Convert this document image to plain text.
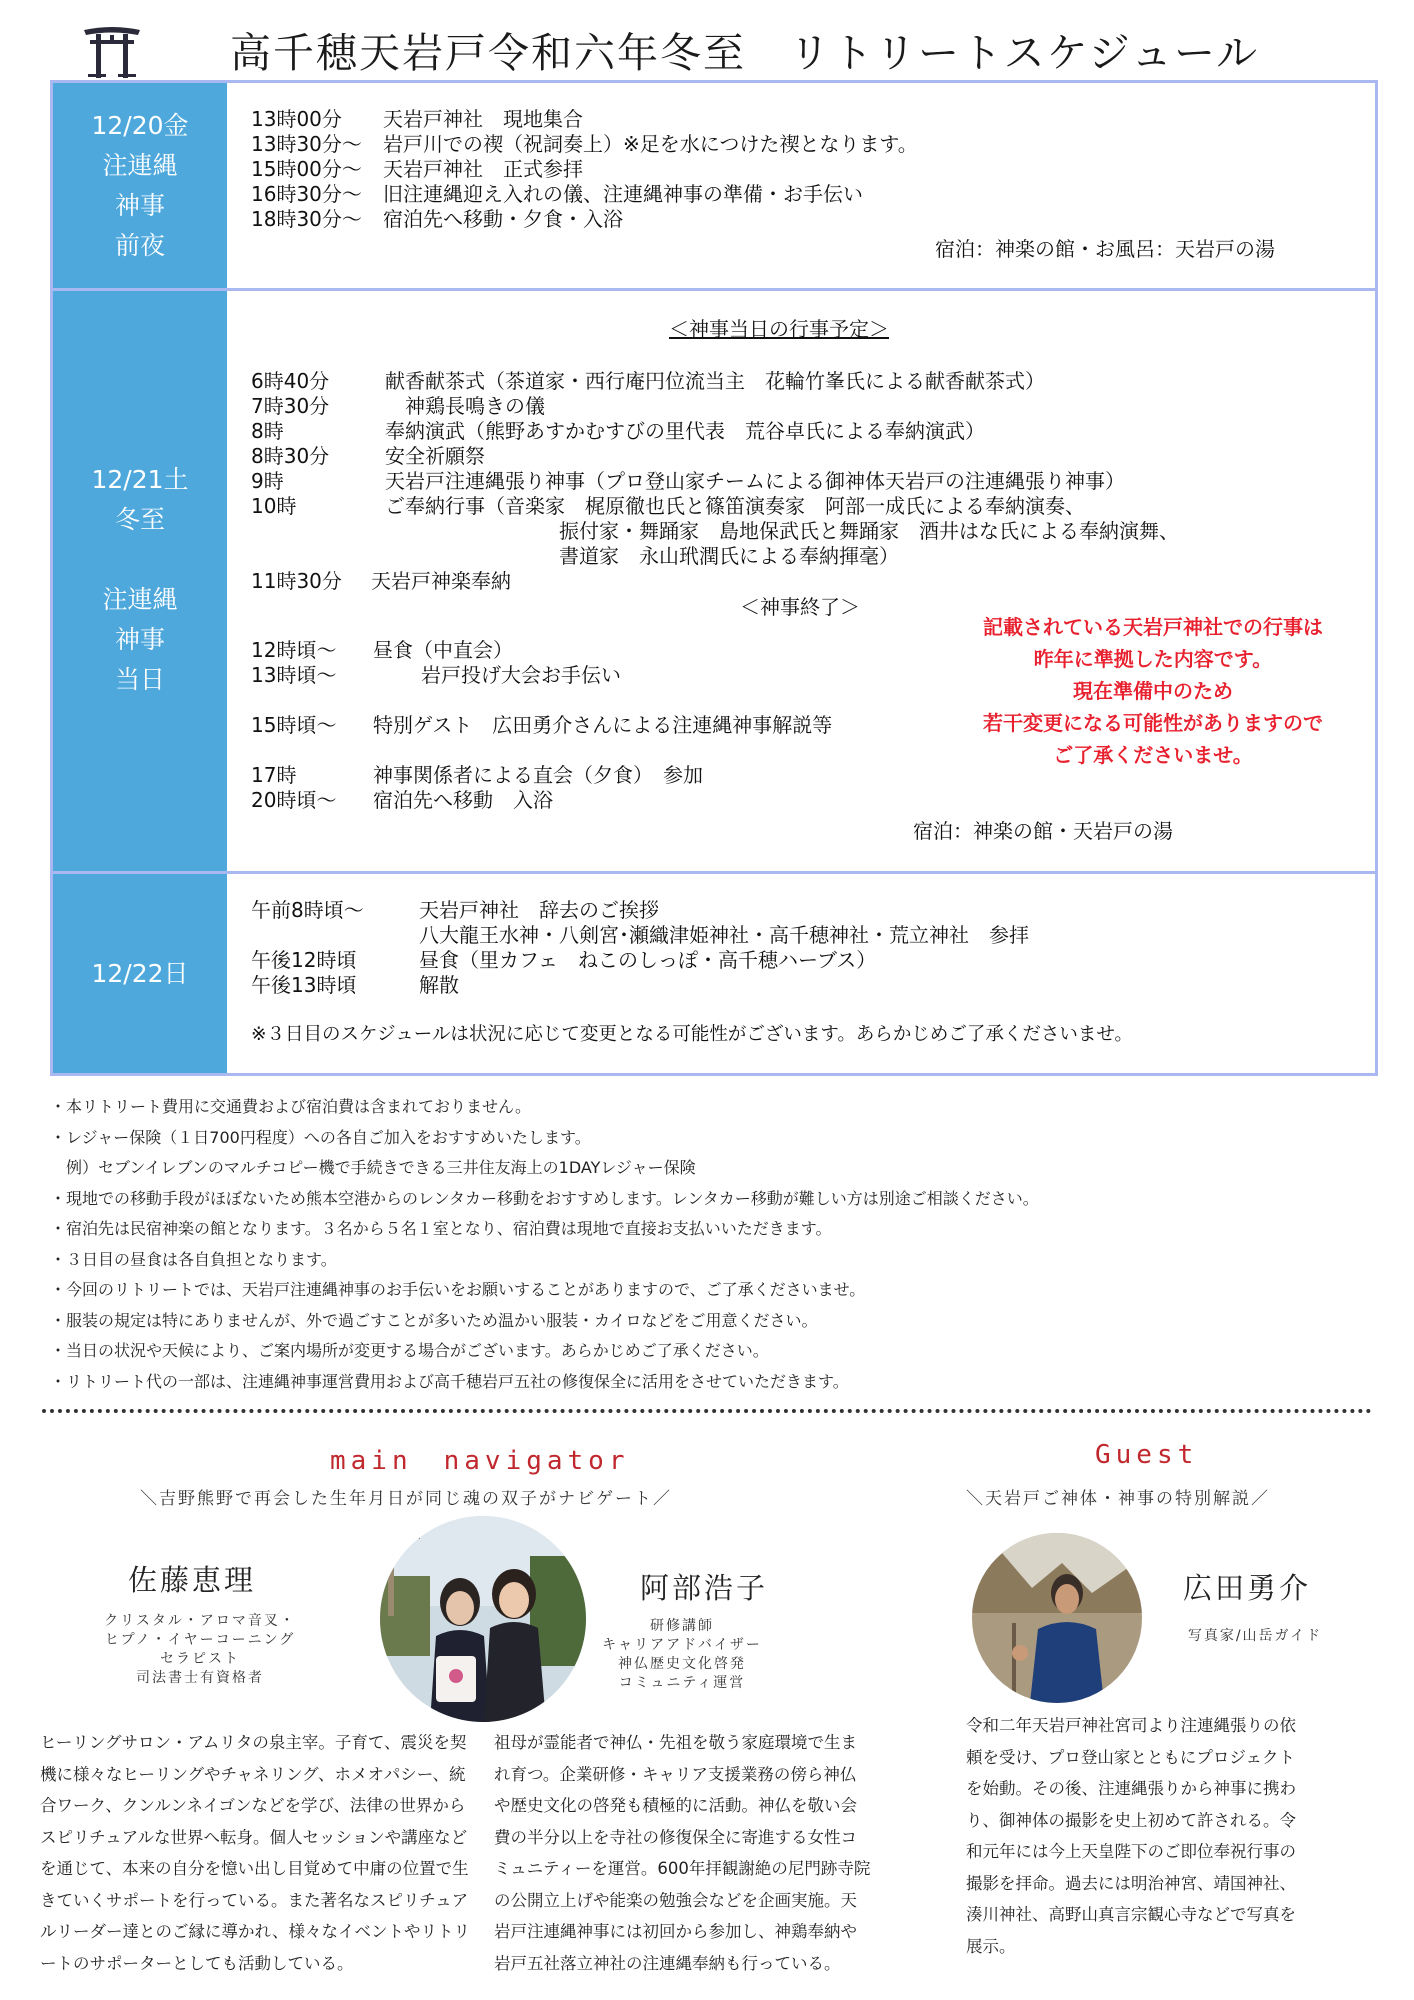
高千穂天岩戸令和六年冬至　リトリートスケジュール
12/20金
注連縄
神事
前夜
13時00分	天岩戸神社　現地集合
13時30分～	岩戸川での禊（祝詞奏上）※足を水につけた禊となります。
15時00分～	天岩戸神社　正式参拝
16時30分～	旧注連縄迎え入れの儀、注連縄神事の準備・お手伝い
18時30分～	宿泊先へ移動・夕食・入浴
宿泊：神楽の館・お風呂：天岩戸の湯
12/21土
冬至
注連縄
神事
当日
＜神事当日の行事予定＞
6時40分	献香献茶式（茶道家・西行庵円位流当主　花輪竹峯氏による献香献茶式）
7時30分	神鶏長鳴きの儀
8時	奉納演武（熊野あすかむすびの里代表　荒谷卓氏による奉納演武）
8時30分	安全祈願祭
9時	天岩戸注連縄張り神事（プロ登山家チームによる御神体天岩戸の注連縄張り神事）
10時	ご奉納行事（音楽家　梶原徹也氏と篠笛演奏家　阿部一成氏による奉納演奏、
振付家・舞踊家　島地保武氏と舞踊家　酒井はな氏による奉納演舞、
書道家　永山玳潤氏による奉納揮毫）
11時30分	天岩戸神楽奉納
＜神事終了＞
12時頃～	昼食（中直会）
13時頃～	岩戸投げ大会お手伝い
15時頃～	特別ゲスト　広田勇介さんによる注連縄神事解説等
17時	神事関係者による直会（夕食）　参加
20時頃～	宿泊先へ移動　入浴
宿泊：神楽の館・天岩戸の湯
記載されている天岩戸神社での行事は
昨年に準拠した内容です。
現在準備中のため
若干変更になる可能性がありますので
ご了承くださいませ。
12/22日
午前8時頃～	天岩戸神社　辞去のご挨拶
八大龍王水神・八剣宮･瀬織津姫神社・高千穂神社・荒立神社　参拝
午後12時頃	昼食（里カフェ　ねこのしっぽ・高千穂ハーブス）
午後13時頃	解散
※３日目のスケジュールは状況に応じて変更となる可能性がございます。あらかじめご了承くださいませ。
・本リトリート費用に交通費および宿泊費は含まれておりません。
・レジャー保険（１日700円程度）への各自ご加入をおすすめいたします。
　例）セブンイレブンのマルチコピー機で手続きできる三井住友海上の1DAYレジャー保険
・現地での移動手段がほぼないため熊本空港からのレンタカー移動をおすすめします。レンタカー移動が難しい方は別途ご相談ください。
・宿泊先は民宿神楽の館となります。３名から５名１室となり、宿泊費は現地で直接お支払いいただきます。
・３日目の昼食は各自負担となります。
・今回のリトリートでは、天岩戸注連縄神事のお手伝いをお願いすることがありますので、ご了承くださいませ。
・服装の規定は特にありませんが、外で過ごすことが多いため温かい服装・カイロなどをご用意ください。
・当日の状況や天候により、ご案内場所が変更する場合がございます。あらかじめご了承ください。
・リトリート代の一部は、注連縄神事運営費用および高千穂岩戸五社の修復保全に活用をさせていただきます。
main　navigator
＼吉野熊野で再会した生年月日が同じ魂の双子がナビゲート／
佐藤恵理
クリスタル・アロマ音叉・
ヒプノ・イヤーコーニング
セラピスト
司法書士有資格者
阿部浩子
研修講師
キャリアアドバイザー
神仏歴史文化啓発
コミュニティ運営
Guest
＼天岩戸ご神体・神事の特別解説／
広田勇介
写真家/山岳ガイド
ヒーリングサロン・アムリタの泉主宰。子育て、震災を契
機に様々なヒーリングやチャネリング、ホメオパシー、統
合ワーク、クンルンネイゴンなどを学び、法律の世界から
スピリチュアルな世界へ転身。個人セッションや講座など
を通じて、本来の自分を憶い出し目覚めて中庸の位置で生
きていくサポートを行っている。また著名なスピリチュア
ルリーダー達とのご縁に導かれ、様々なイベントやリトリ
ートのサポーターとしても活動している。
祖母が霊能者で神仏・先祖を敬う家庭環境で生ま
れ育つ。企業研修・キャリア支援業務の傍ら神仏
や歴史文化の啓発も積極的に活動。神仏を敬い会
費の半分以上を寺社の修復保全に寄進する女性コ
ミュニティーを運営。600年拝観謝絶の尼門跡寺院
の公開立上げや能楽の勉強会などを企画実施。天
岩戸注連縄神事には初回から参加し、神鶏奉納や
岩戸五社落立神社の注連縄奉納も行っている。
令和二年天岩戸神社宮司より注連縄張りの依
頼を受け、プロ登山家とともにプロジェクト
を始動。その後、注連縄張りから神事に携わ
り、御神体の撮影を史上初めて許される。令
和元年には今上天皇陛下のご即位奉祝行事の
撮影を拝命。過去には明治神宮、靖国神社、
湊川神社、高野山真言宗観心寺などで写真を
展示。
